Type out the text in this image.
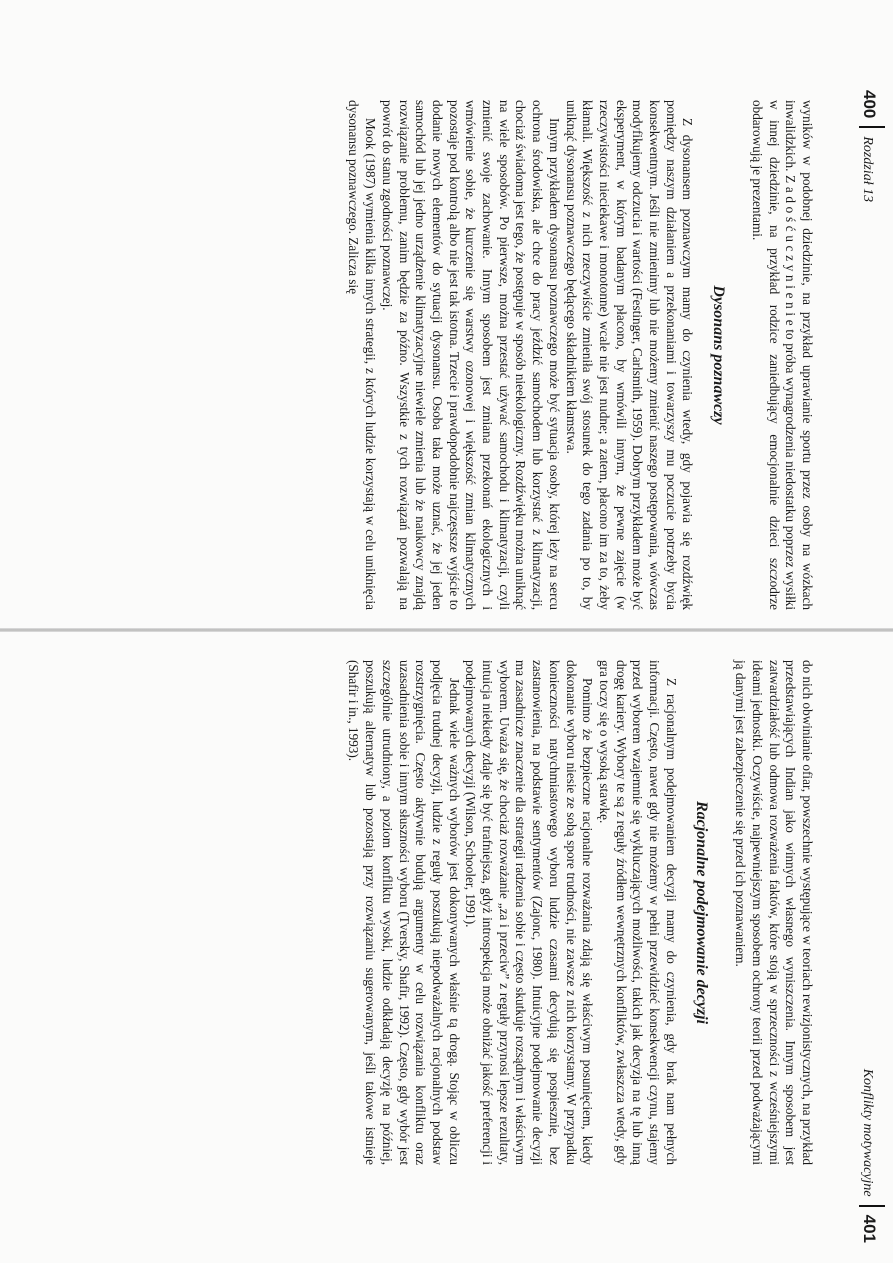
400
Rozdział 13

wyników w podobnej dziedzinie, na przykład uprawianie sportu przez osoby na wózkach inwalidzkich. Z a d o ś ć u c z y n i e n i e to próba wynagrodzenia niedostatku poprzez wysiłki w innej dziedzinie, na przykład rodzice zaniedbujący emocjonalnie dzieci szczodrze obdarowują je prezentami.

Dysonans poznawczy

Z dysonansem poznawczym mamy do czynienia wtedy, gdy pojawia się rozdźwięk pomiędzy naszym działaniem a przekonaniami i towarzyszy mu poczucie potrzeby bycia konsekwentnym. Jeśli nie zmienimy lub nie możemy zmienić naszego postępowania, wówczas modyfikujemy odczucia i wartości (Festinger, Carlsmith, 1959). Dobrym przykładem może być eksperyment, w którym badanym płacono, by wmówili innym, że pewne zajęcie (w rzeczywistości nieciekawe i monotonne) wcale nie jest nudne; a zatem, płacono im za to, żeby kłamali. Większość z nich rzeczywiście zmieniła swój stosunek do tego zadania po to, by uniknąć dysonansu poznawczego będącego składnikiem kłamstwa.

Innym przykładem dysonansu poznawczego może być sytuacja osoby, której leży na sercu ochrona środowiska, ale chce do pracy jeździć samochodem lub korzystać z klimatyzacji, chociaż świadoma jest tego, że postępuje w sposób nieekologiczny. Rozdźwięku można uniknąć na wiele sposobów. Po pierwsze, można przestać używać samochodu i klimatyzacji, czyli zmienić swoje zachowanie. Innym sposobem jest zmiana przekonań ekologicznych i wmówienie sobie, że kurczenie się warstwy ozonowej i większość zmian klimatycznych pozostaje pod kontrolą albo nie jest tak istotna. Trzecie i prawdopodobnie najczęstsze wyjście to dodanie nowych elementów do sytuacji dysonansu. Osoba taka może uznać, że jej jeden samochód lub jej jedno urządzenie klimatyzacyjne niewiele zmienia lub że naukowcy znajdą rozwiązanie problemu, zanim będzie za późno. Wszystkie z tych rozwiązań pozwalają na powrót do stanu zgodności poznawczej.

Mook (1987) wymienia kilka innych strategii, z których ludzie korzystają w celu uniknięcia dysonansu poznawczego. Zalicza się

Konflikty motywacyjne
401

do nich obwinianie ofiar, powszechnie występujące w teoriach rewizjonistycznych, na przykład przedstawiających Indian jako winnych własnego wyniszczenia. Innym sposobem jest zatwardziałość lub odmowa rozważenia faktów, które stoją w sprzeczności z wcześniejszymi ideami jednostki. Oczywiście, najpewniejszym sposobem ochrony teorii przed podważającymi ją danymi jest zabezpieczenie się przed ich poznawaniem.

Racjonalne podejmowanie decyzji

Z racjonalnym podejmowaniem decyzji mamy do czynienia, gdy brak nam pełnych informacji. Często, nawet gdy nie możemy w pełni przewidzieć konsekwencji czynu, stajemy przed wyborem wzajemnie się wykluczających możliwości, takich jak decyzja na tę lub inną drogę kariery. Wybory te są z reguły źródłem wewnętrznych konfliktów, zwłaszcza wtedy, gdy gra toczy się o wysoką stawkę.

Pomimo że bezpieczne racjonalne rozważania zdają się właściwym posunięciem, kiedy dokonanie wyboru niesie ze sobą spore trudności, nie zawsze z nich korzystamy. W przypadku konieczności natychmiastowego wyboru ludzie czasami decydują się pospiesznie, bez zastanowienia, na podstawie sentymentów (Zajonc, 1980). Intuicyjne podejmowanie decyzji ma zasadnicze znaczenie dla strategii radzenia sobie i często skutkuje rozsądnym i właściwym wyborem. Uważa się, że chociaż rozważanie „za i przeciw” z reguły przynosi lepsze rezultaty, intuicja niekiedy zdaje się być trafniejsza, gdyż introspekcja może obniżać jakość preferencji i podejmowanych decyzji (Wilson, Schooler, 1991).

Jednak wiele ważnych wyborów jest dokonywanych właśnie tą drogą. Stojąc w obliczu podjęcia trudnej decyzji, ludzie z reguły poszukują niepodważalnych racjonalnych podstaw rozstrzygnięcia. Często aktywnie budują argumenty w celu rozwiązania konfliktu oraz uzasadnienia sobie i innym słuszności wyboru (Tversky, Shafir, 1992). Często, gdy wybór jest szczególnie utrudniony, a poziom konfliktu wysoki, ludzie odkładają decyzję na później, poszukują alternatyw lub pozostają przy rozwiązaniu sugerowanym, jeśli takowe istnieje (Shafir i in., 1993).
